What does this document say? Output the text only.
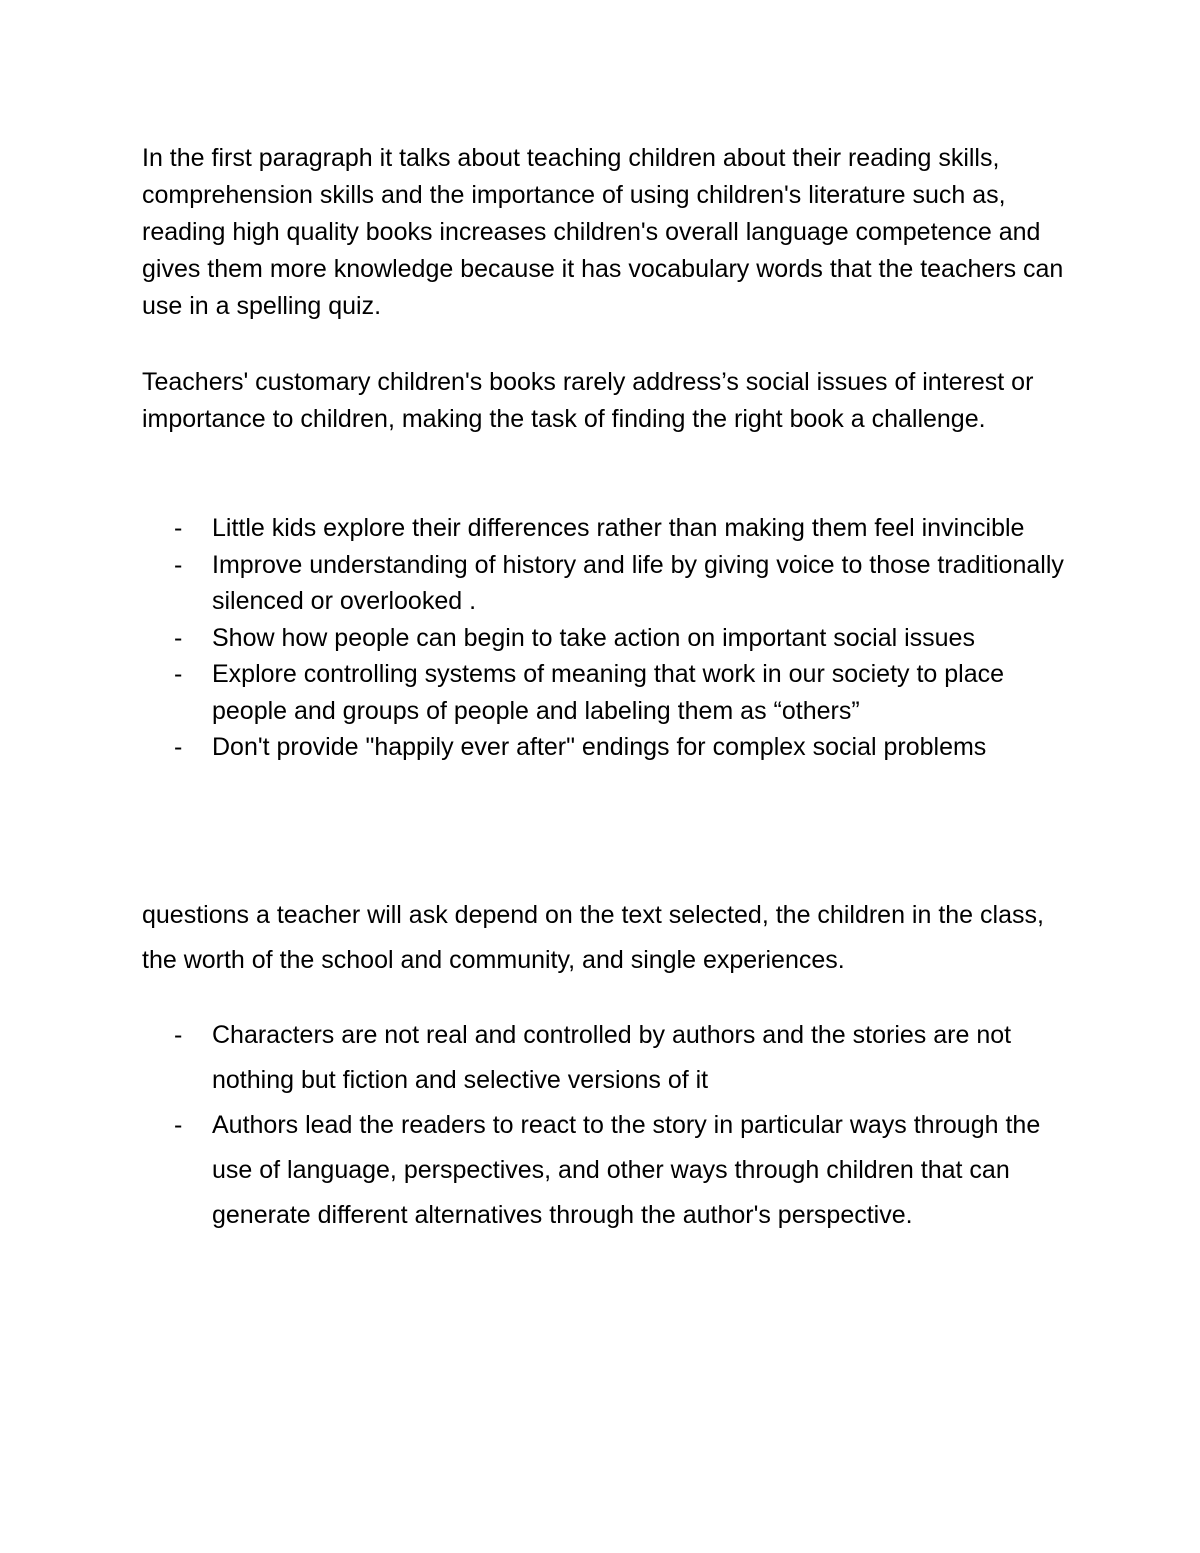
In the first paragraph it talks about teaching children about their reading skills, comprehension skills and the importance of using children's literature such as, reading high quality books increases children's overall language competence and gives them more knowledge because it has vocabulary words that the teachers can use in a spelling quiz.

Teachers' customary children's books rarely address’s social issues of interest or importance to children, making the task of finding the right book a challenge.

- Little kids explore their differences rather than making them feel invincible
- Improve understanding of history and life by giving voice to those traditionally silenced or overlooked .
- Show how people can begin to take action on important social issues
- Explore controlling systems of meaning that work in our society to place people and groups of people and labeling them as “others”
- Don't provide "happily ever after" endings for complex social problems

questions a teacher will ask depend on the text selected, the children in the class, the worth of the school and community, and single experiences.

- Characters are not real and controlled by authors and the stories are not nothing but fiction and selective versions of it
- Authors lead the readers to react to the story in particular ways through the use of language, perspectives, and other ways through children that can generate different alternatives through the author's perspective.
